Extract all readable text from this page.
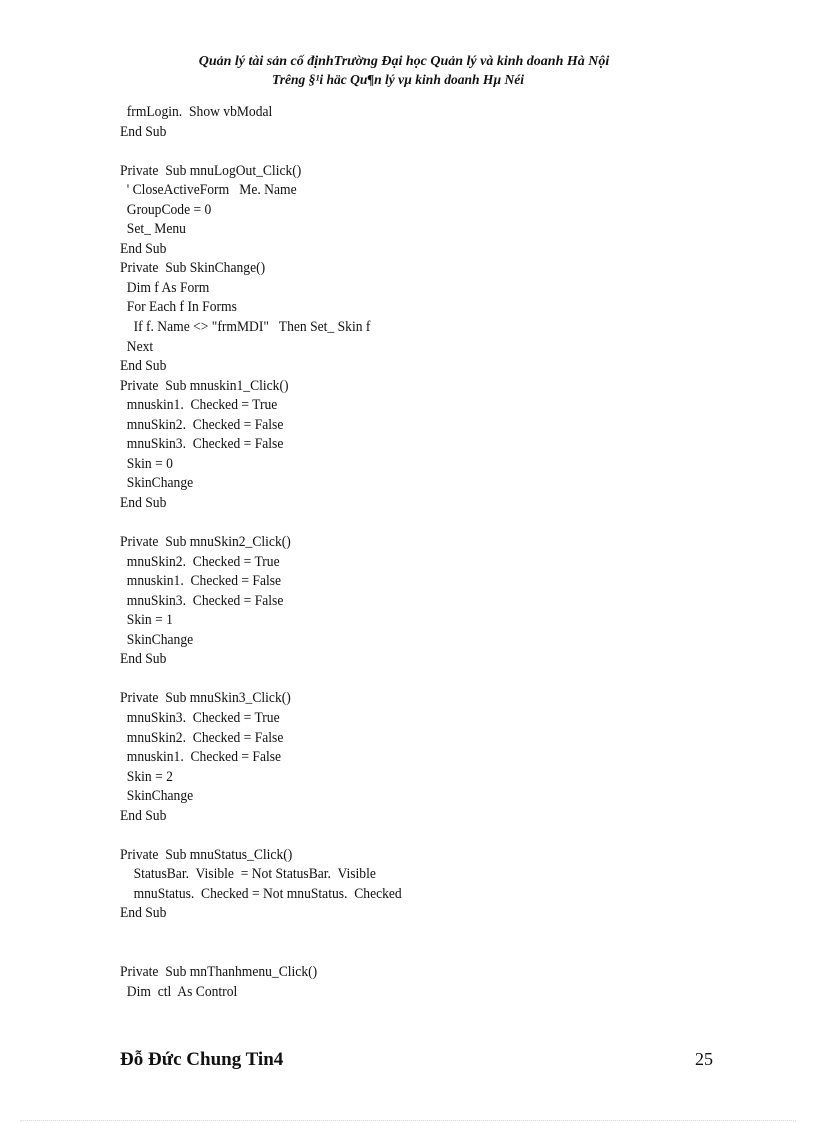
Quản lý tài sản cố địnhTrường Đại học Quản lý và kinh doanh Hà Nội
Trêng §¹i häc Qu¶n lý vµ kinh doanh Hµ Néi
frmLogin.  Show vbModal
End Sub
Private  Sub mnuLogOut_Click()
' CloseActiveForm   Me. Name
GroupCode = 0
Set_ Menu
End Sub
Private  Sub SkinChange()
Dim f As Form
For Each f In Forms
If f. Name <> "frmMDI"   Then Set_ Skin f
Next
End Sub
Private  Sub mnuskin1_Click()
mnuskin1.  Checked = True
mnuSkin2.  Checked = False
mnuSkin3.  Checked = False
Skin = 0
SkinChange
End Sub
Private  Sub mnuSkin2_Click()
mnuSkin2.  Checked = True
mnuskin1.  Checked = False
mnuSkin3.  Checked = False
Skin = 1
SkinChange
End Sub
Private  Sub mnuSkin3_Click()
mnuSkin3.  Checked = True
mnuSkin2.  Checked = False
mnuskin1.  Checked = False
Skin = 2
SkinChange
End Sub
Private  Sub mnuStatus_Click()
StatusBar.  Visible  = Not StatusBar.  Visible
mnuStatus.  Checked = Not mnuStatus.  Checked
End Sub
Private  Sub mnThanhmenu_Click()
Dim  ctl  As Control
Đỗ Đức Chung Tin4	25
